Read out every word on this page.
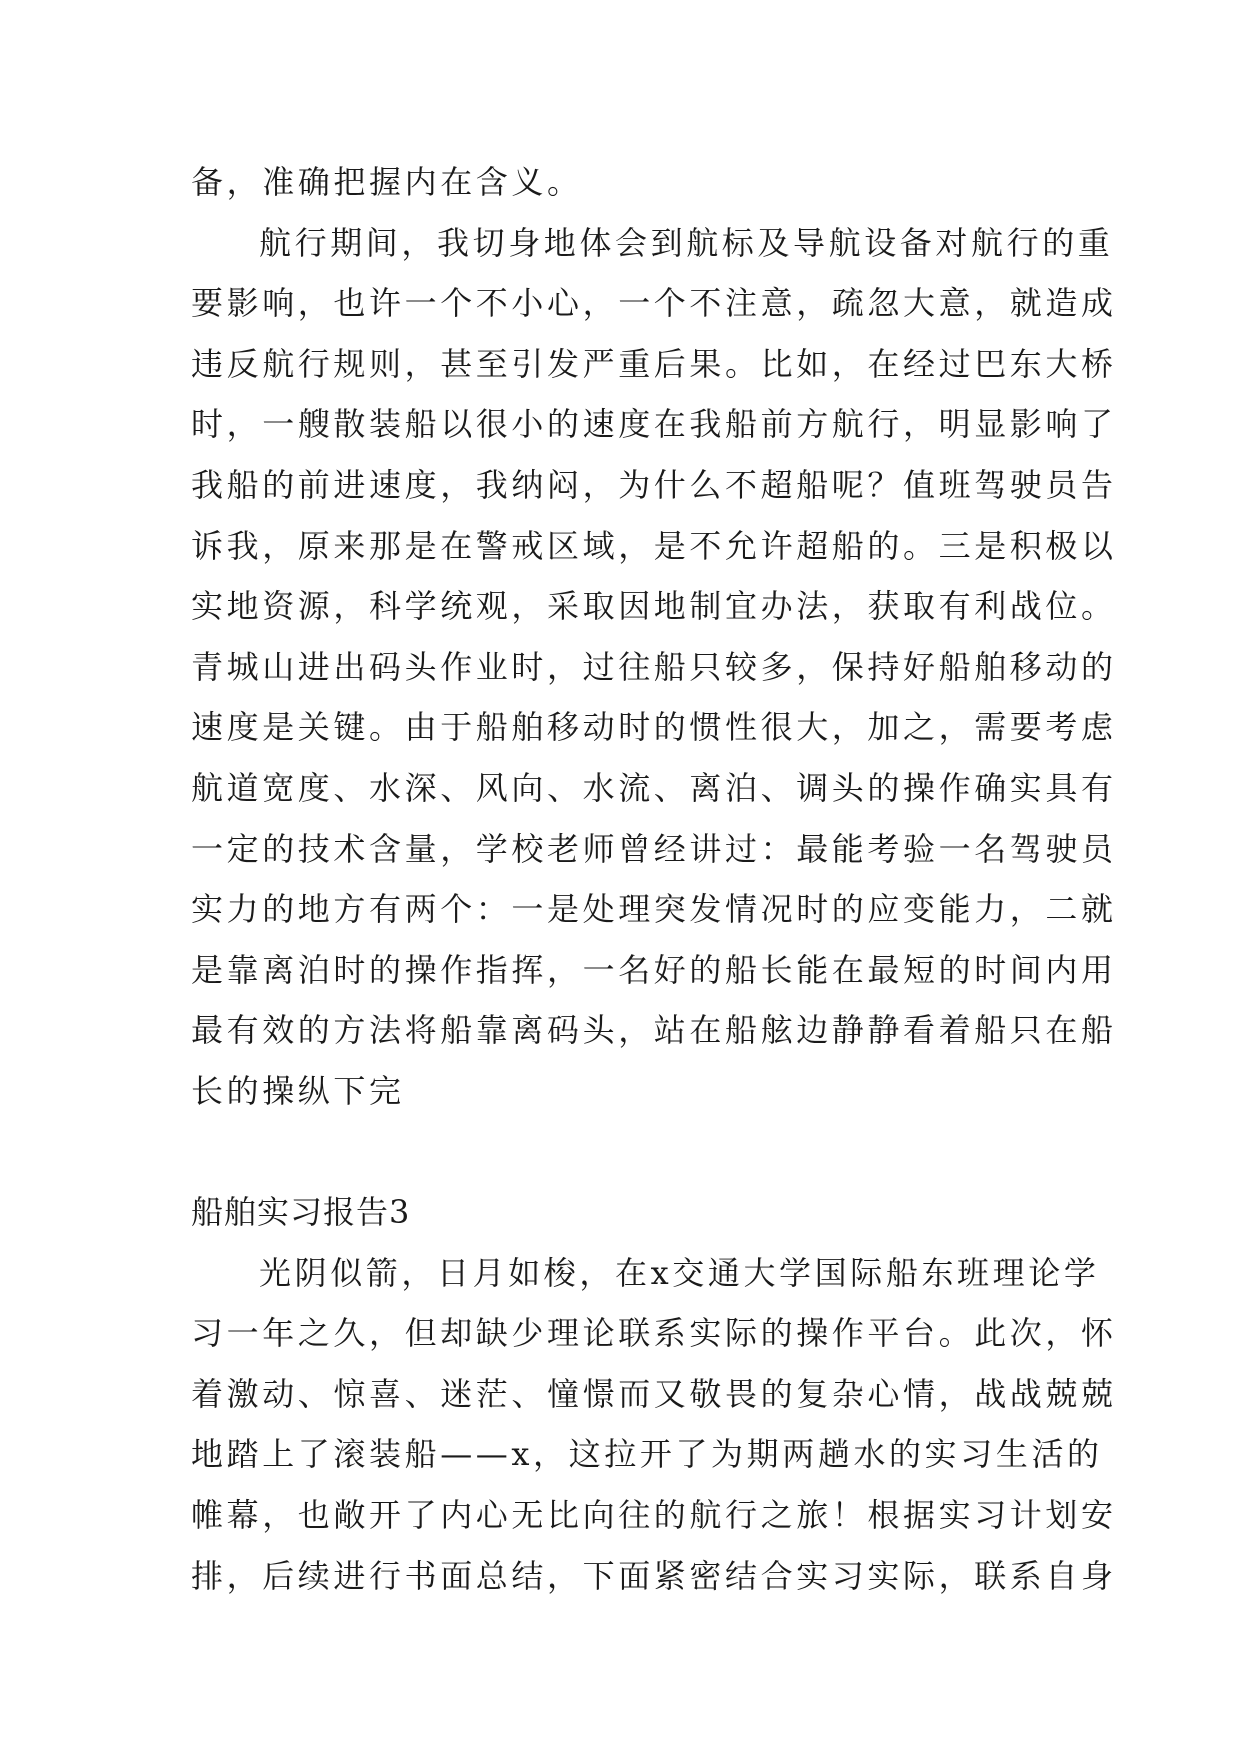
备，准确把握内在含义。
航行期间，我切身地体会到航标及导航设备对航行的重
要影响，也许一个不小心，一个不注意，疏忽大意，就造成
违反航行规则，甚至引发严重后果。比如，在经过巴东大桥
时，一艘散装船以很小的速度在我船前方航行，明显影响了
我船的前进速度，我纳闷，为什么不超船呢？值班驾驶员告
诉我，原来那是在警戒区域，是不允许超船的。三是积极以
实地资源，科学统观，采取因地制宜办法，获取有利战位。
青城山进出码头作业时，过往船只较多，保持好船舶移动的
速度是关键。由于船舶移动时的惯性很大，加之，需要考虑
航道宽度、水深、风向、水流、离泊、调头的操作确实具有
一定的技术含量，学校老师曾经讲过：最能考验一名驾驶员
实力的地方有两个：一是处理突发情况时的应变能力，二就
是靠离泊时的操作指挥，一名好的船长能在最短的时间内用
最有效的方法将船靠离码头，站在船舷边静静看着船只在船
长的操纵下完
船舶实习报告3
光阴似箭，日月如梭，在x交通大学国际船东班理论学
习一年之久，但却缺少理论联系实际的操作平台。此次，怀
着激动、惊喜、迷茫、憧憬而又敬畏的复杂心情，战战兢兢
地踏上了滚装船——x，这拉开了为期两趟水的实习生活的
帷幕，也敞开了内心无比向往的航行之旅！根据实习计划安
排，后续进行书面总结，下面紧密结合实习实际，联系自身
